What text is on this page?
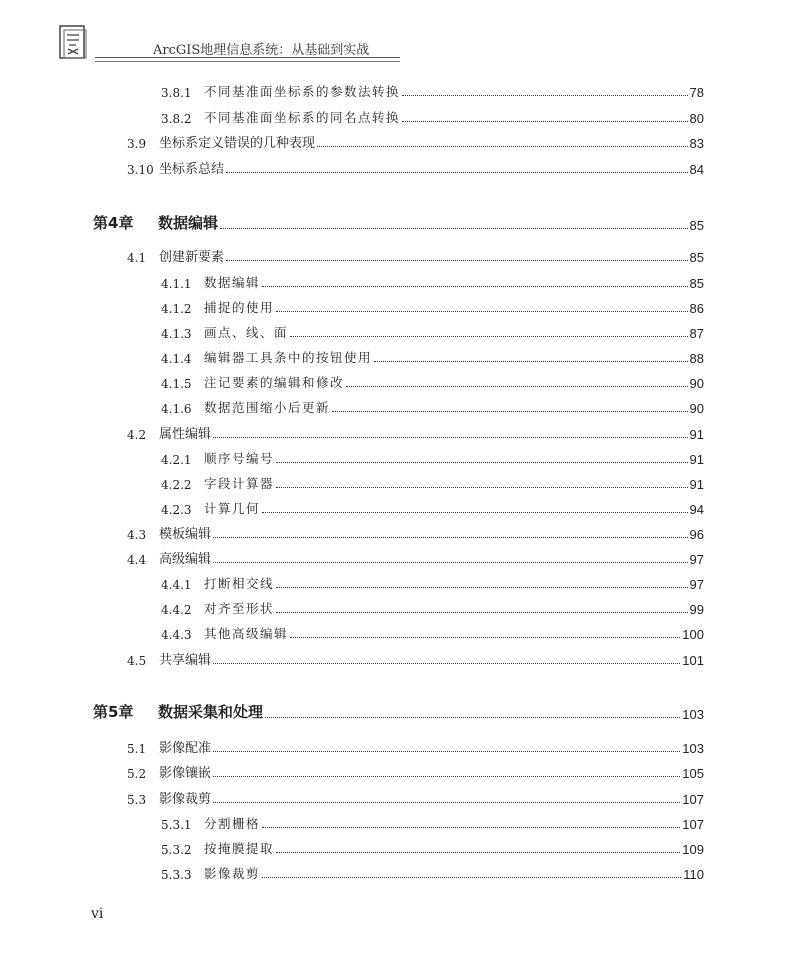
ArcGIS地理信息系统：从基础到实战
3.8.1 不同基准面坐标系的参数法转换	78
3.8.2 不同基准面坐标系的同名点转换	80
3.9 坐标系定义错误的几种表现	83
3.10 坐标系总结	84
第4章	数据编辑	85
4.1 创建新要素	85
4.1.1 数据编辑	85
4.1.2 捕捉的使用	86
4.1.3 画点、线、面	87
4.1.4 编辑器工具条中的按钮使用	88
4.1.5 注记要素的编辑和修改	90
4.1.6 数据范围缩小后更新	90
4.2 属性编辑	91
4.2.1 顺序号编号	91
4.2.2 字段计算器	91
4.2.3 计算几何	94
4.3 模板编辑	96
4.4 高级编辑	97
4.4.1 打断相交线	97
4.4.2 对齐至形状	99
4.4.3 其他高级编辑	100
4.5 共享编辑	101
第5章	数据采集和处理	103
5.1 影像配准	103
5.2 影像镶嵌	105
5.3 影像裁剪	107
5.3.1 分割栅格	107
5.3.2 按掩膜提取	109
5.3.3 影像裁剪	110
vi
